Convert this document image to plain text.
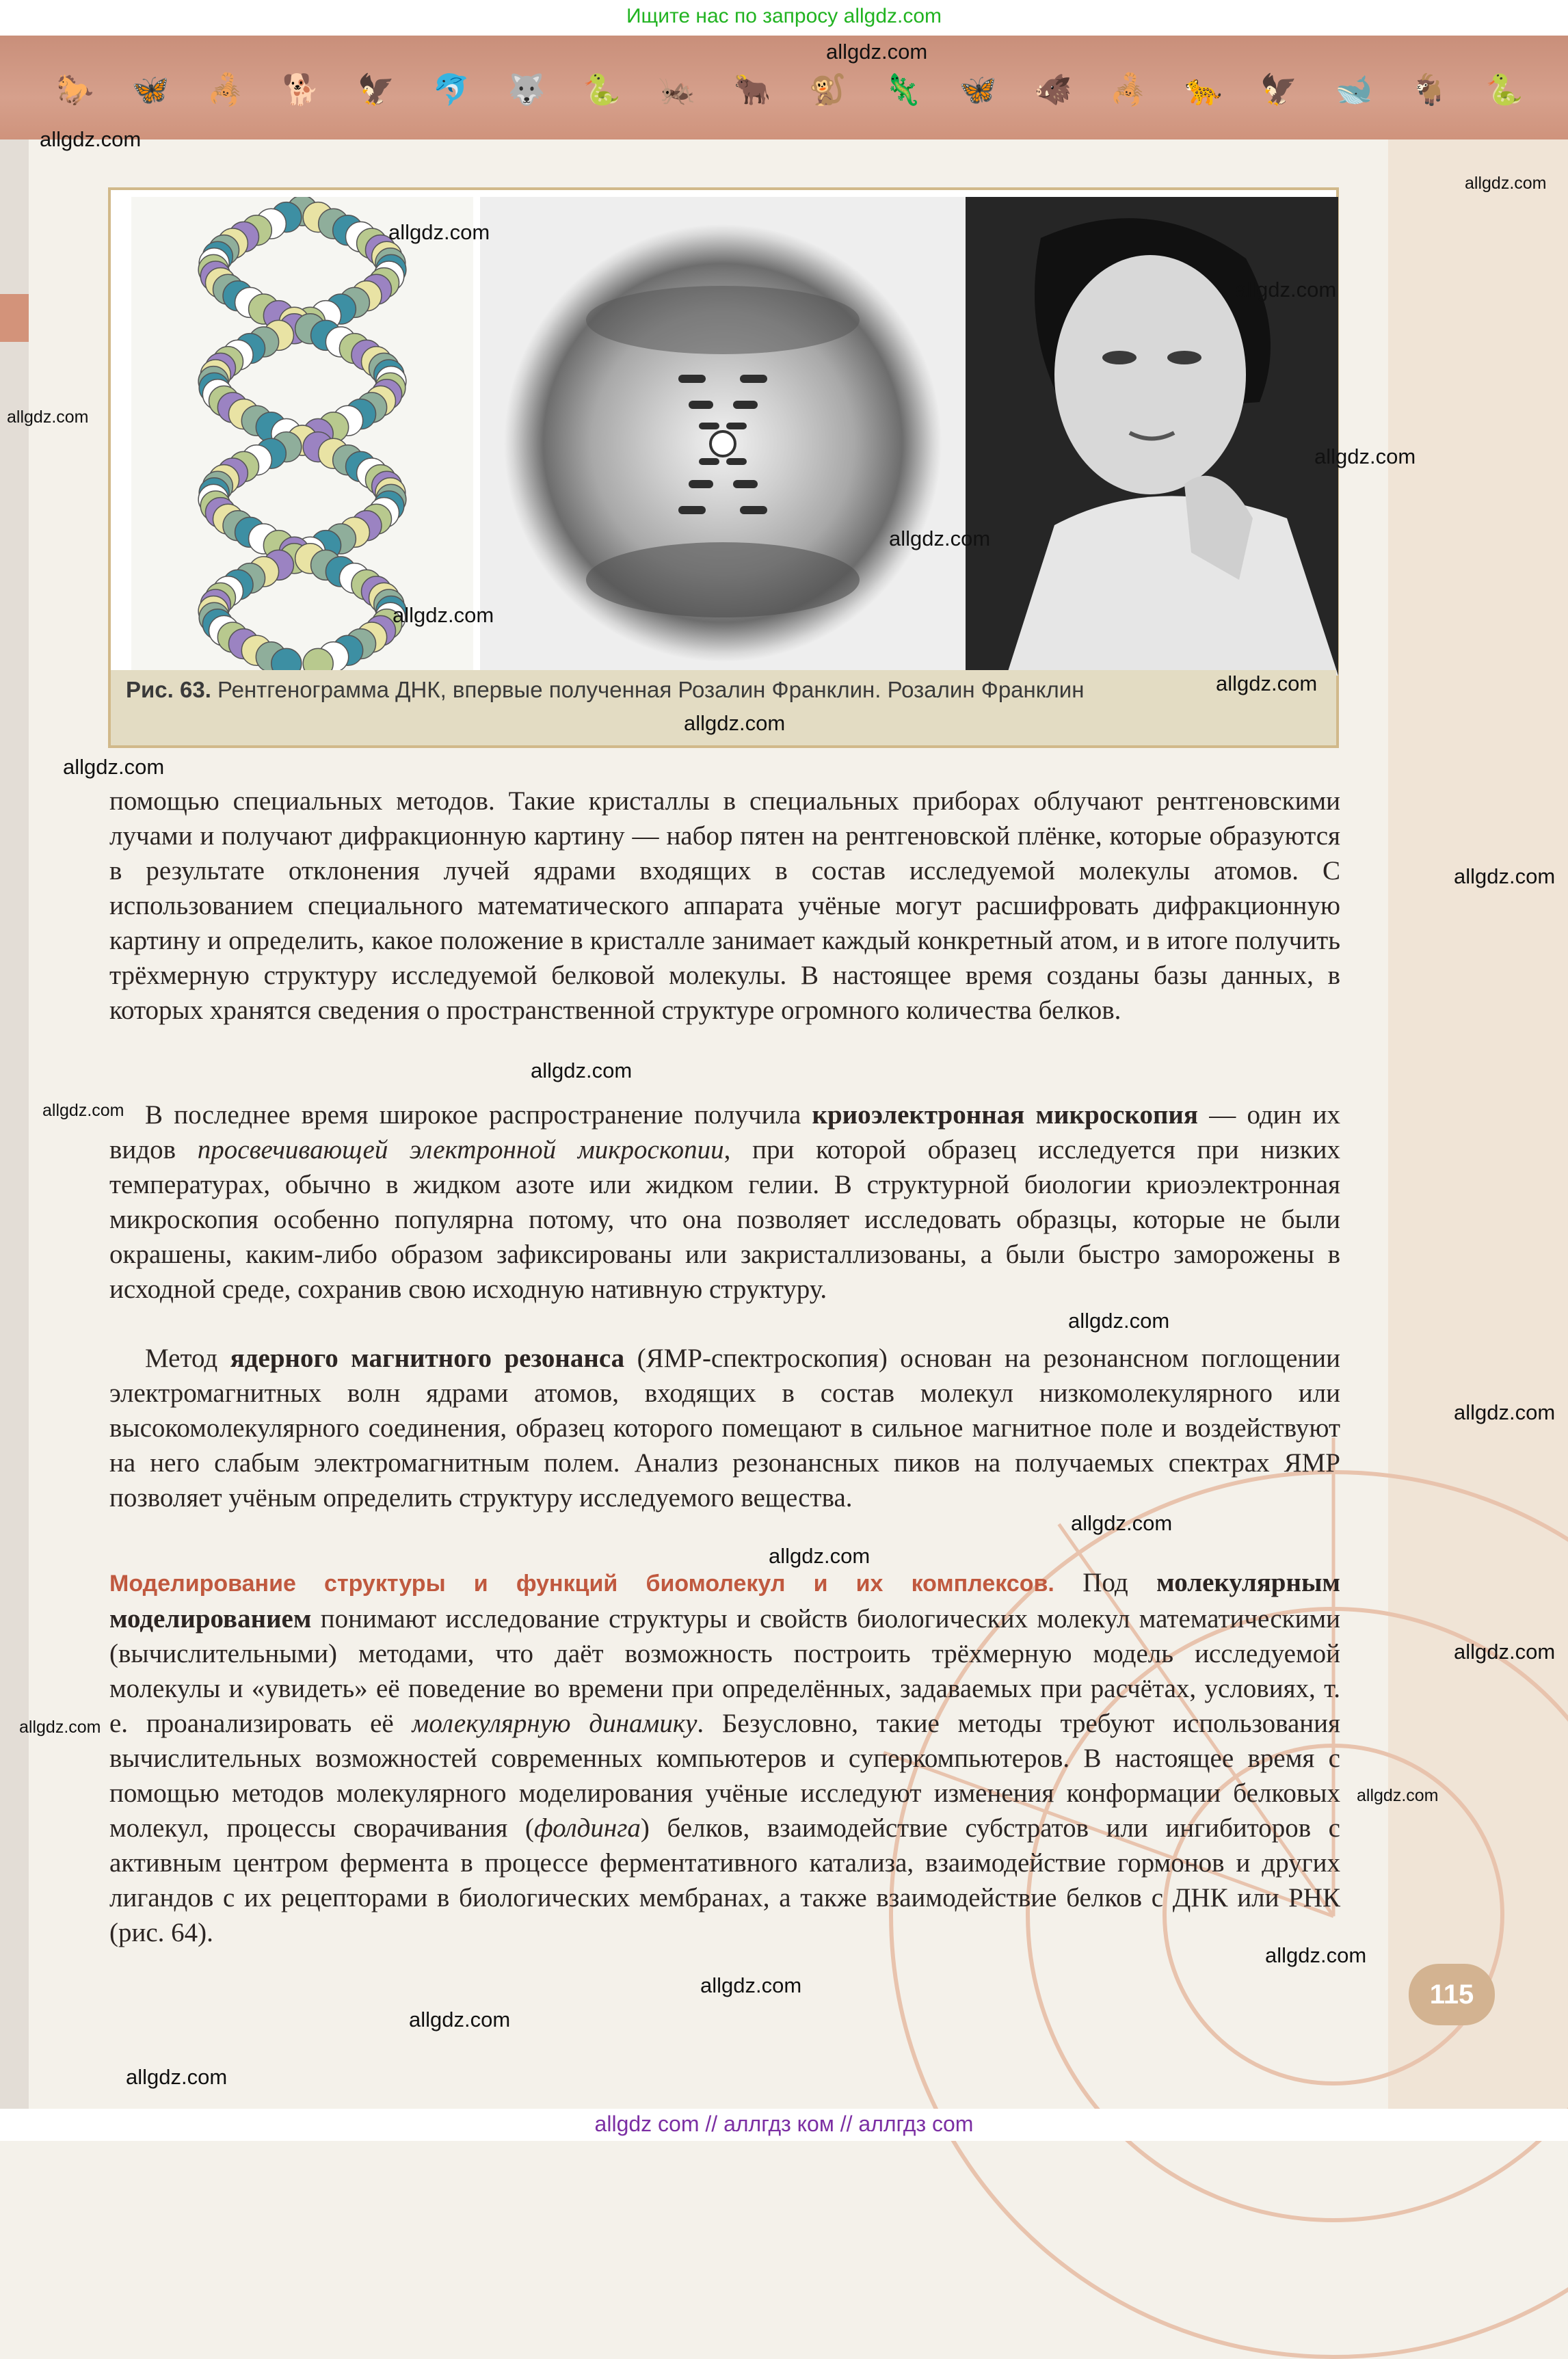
Ищите нас по запросу allgdz.com
🐎 🦋 🦂 🐕 🦅 🐬 🐺 🐍 🦗 🐂 🐒 🦎 🦋 🐗 🦂 🐆 🦅 🐋 🐐 🐍
Рис. 63. Рентгенограмма ДНК, впервые полученная Розалин Франклин. Розалин Франклин
помощью специальных методов. Такие кристаллы в специальных приборах облучают рентгеновскими лучами и получают дифракционную картину — набор пятен на рентгеновской плёнке, которые образуются в результате отклонения лучей ядрами входящих в состав исследуемой молекулы атомов. С использованием специального математического аппарата учёные могут расшифровать дифракционную картину и определить, какое положение в кристалле занимает каждый конкретный атом, и в итоге получить трёхмерную структуру исследуемой белковой молекулы. В настоящее время созданы базы данных, в которых хранятся сведения о пространственной структуре огромного количества белков.
В последнее время широкое распространение получила криоэлектронная микроскопия — один их видов просвечивающей электронной микроскопии, при которой образец исследуется при низких температурах, обычно в жидком азоте или жидком гелии. В структурной биологии криоэлектронная микроскопия особенно популярна потому, что она позволяет исследовать образцы, которые не были окрашены, каким-либо образом зафиксированы или закристаллизованы, а были быстро заморожены в исходной среде, сохранив свою исходную нативную структуру.
Метод ядерного магнитного резонанса (ЯМР-спектроскопия) основан на резонансном поглощении электромагнитных волн ядрами атомов, входящих в состав молекул низкомолекулярного или высокомолекулярного соединения, образец которого помещают в сильное магнитное поле и воздействуют на него слабым электромагнитным полем. Анализ резонансных пиков на получаемых спектрах ЯМР позволяет учёным определить структуру исследуемого вещества.
Моделирование структуры и функций биомолекул и их комплексов. Под молекулярным моделированием понимают исследование структуры и свойств биологических молекул математическими (вычислительными) методами, что даёт возможность построить трёхмерную модель исследуемой молекулы и «увидеть» её поведение во времени при определённых, задаваемых при расчётах, условиях, т. е. проанализировать её молекулярную динамику. Безусловно, такие методы требуют использования вычислительных возможностей современных компьютеров и суперкомпьютеров. В настоящее время с помощью методов молекулярного моделирования учёные исследуют изменения конформации белковых молекул, процессы сворачивания (фолдинга) белков, взаимодействие субстратов или ингибиторов с активным центром фермента в процессе ферментативного катализа, взаимодействие гормонов и других лигандов с их рецепторами в биологических мембранах, а также взаимодействие белков с ДНК или РНК (рис. 64).
115
allgdz.com
allgdz.com
allgdz.com
allgdz.com
allgdz.com
allgdz.com
allgdz.com
allgdz.com
allgdz.com
allgdz.com
allgdz.com
allgdz.com
allgdz.com
allgdz.com
allgdz.com
allgdz.com
allgdz.com
allgdz.com
allgdz.com
allgdz.com
allgdz.com
allgdz.com
allgdz.com
allgdz.com
allgdz.com
allgdz.com
allgdz com // аллгдз ком // аллгдз com
